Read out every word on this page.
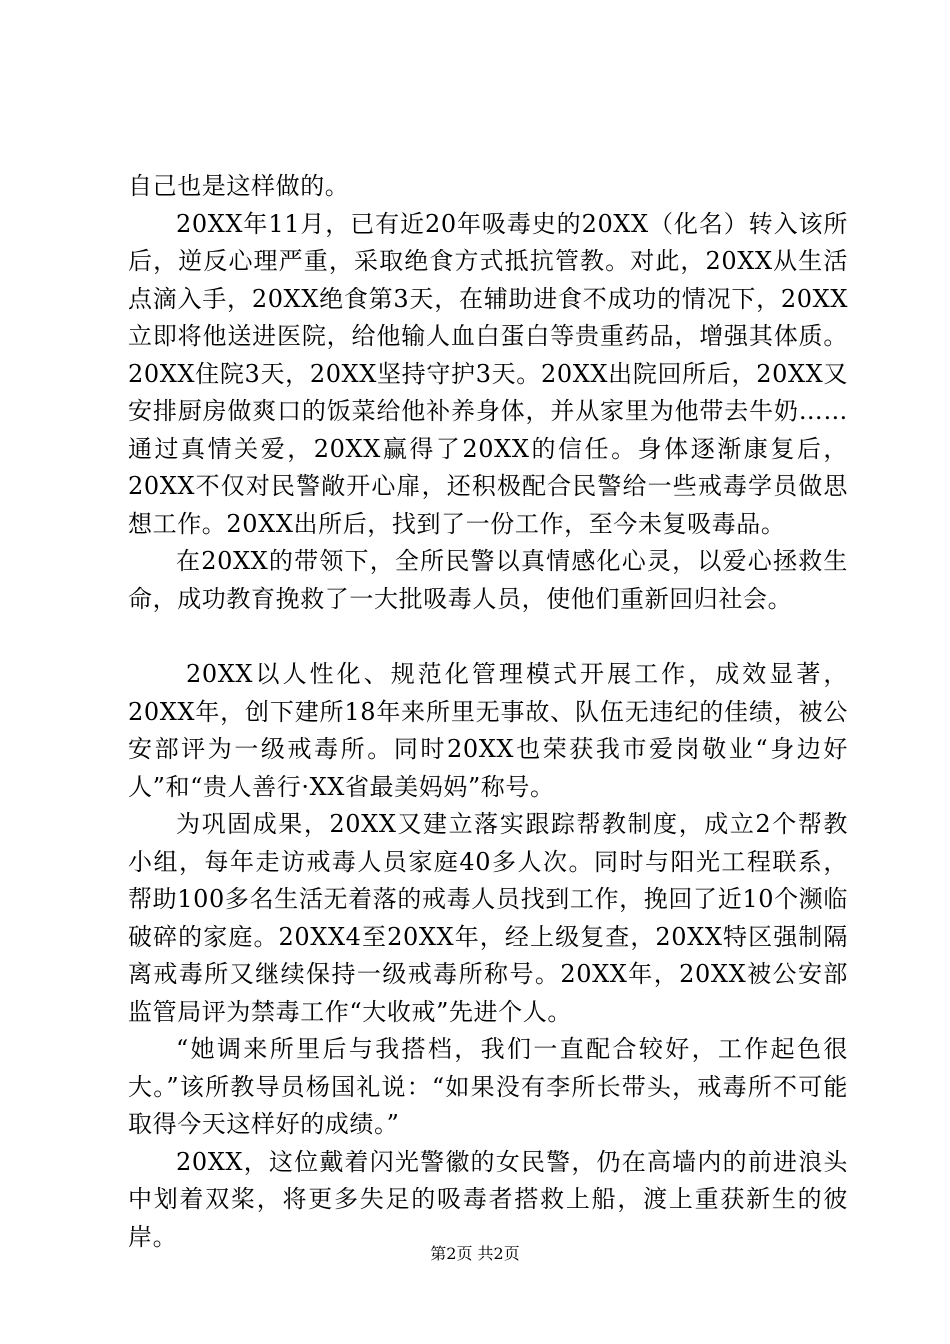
自己也是这样做的。

20XX年11月，已有近20年吸毒史的20XX（化名）转入该所后，逆反心理严重，采取绝食方式抵抗管教。对此，20XX从生活点滴入手，20XX绝食第3天，在辅助进食不成功的情况下，20XX立即将他送进医院，给他输人血白蛋白等贵重药品，增强其体质。20XX住院3天，20XX坚持守护3天。20XX出院回所后，20XX又安排厨房做爽口的饭菜给他补养身体，并从家里为他带去牛奶……通过真情关爱，20XX赢得了20XX的信任。身体逐渐康复后，20XX不仅对民警敞开心扉，还积极配合民警给一些戒毒学员做思想工作。20XX出所后，找到了一份工作，至今未复吸毒品。

在20XX的带领下，全所民警以真情感化心灵，以爱心拯救生命，成功教育挽救了一大批吸毒人员，使他们重新回归社会。

20XX以人性化、规范化管理模式开展工作，成效显著，20XX年，创下建所18年来所里无事故、队伍无违纪的佳绩，被公安部评为一级戒毒所。同时20XX也荣获我市爱岗敬业“身边好人”和“贵人善行·XX省最美妈妈”称号。

为巩固成果，20XX又建立落实跟踪帮教制度，成立2个帮教小组，每年走访戒毒人员家庭40多人次。同时与阳光工程联系，帮助100多名生活无着落的戒毒人员找到工作，挽回了近10个濒临破碎的家庭。20XX4至20XX年，经上级复查，20XX特区强制隔离戒毒所又继续保持一级戒毒所称号。20XX年，20XX被公安部监管局评为禁毒工作“大收戒”先进个人。

“她调来所里后与我搭档，我们一直配合较好，工作起色很大。”该所教导员杨国礼说：“如果没有李所长带头，戒毒所不可能取得今天这样好的成绩。”

20XX，这位戴着闪光警徽的女民警，仍在高墙内的前进浪头中划着双桨，将更多失足的吸毒者搭救上船，渡上重获新生的彼岸。

第2页 共2页
